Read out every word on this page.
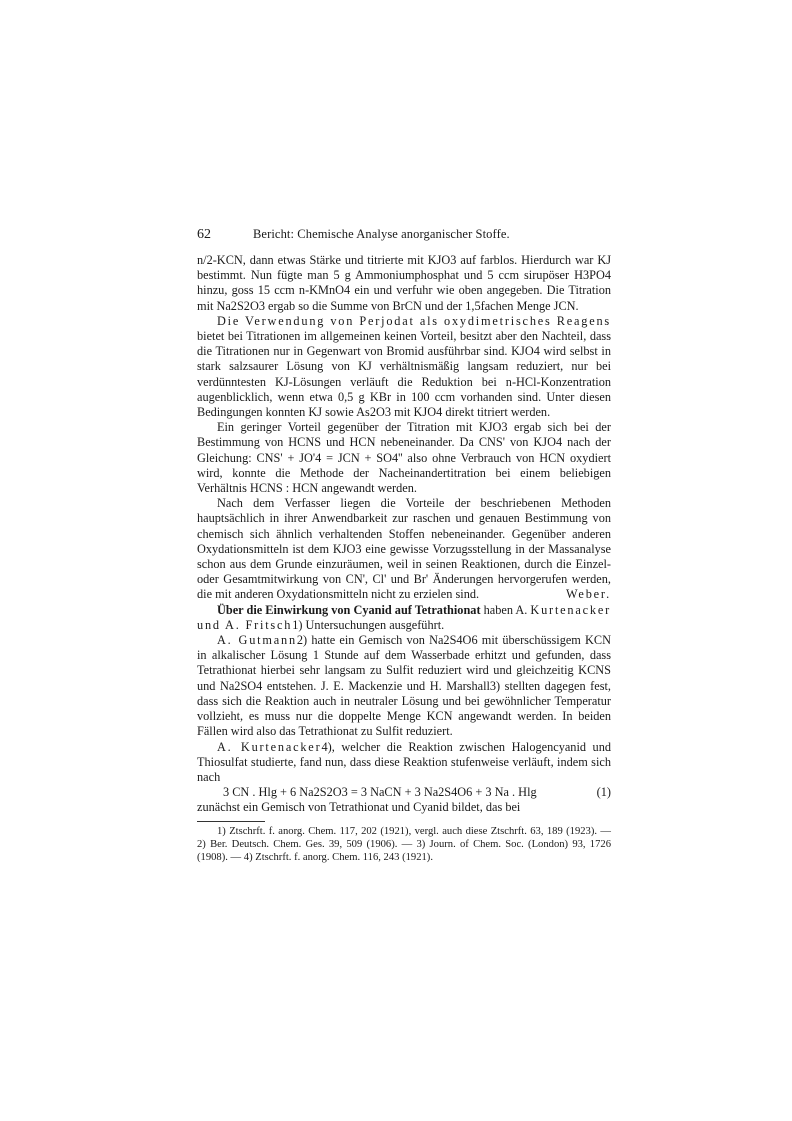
62	Bericht: Chemische Analyse anorganischer Stoffe.

n/2-KCN, dann etwas Stärke und titrierte mit KJO3 auf farblos. Hierdurch war KJ bestimmt. Nun fügte man 5 g Ammoniumphosphat und 5 ccm sirupöser H3PO4 hinzu, goss 15 ccm n-KMnO4 ein und verfuhr wie oben angegeben. Die Titration mit Na2S2O3 ergab so die Summe von BrCN und der 1,5fachen Menge JCN.

Die Verwendung von Perjodat als oxydimetrisches Reagens bietet bei Titrationen im allgemeinen keinen Vorteil, besitzt aber den Nachteil, dass die Titrationen nur in Gegenwart von Bromid ausführbar sind. KJO4 wird selbst in stark salzsaurer Lösung von KJ verhältnismäßig langsam reduziert, nur bei verdünntesten KJ-Lösungen verläuft die Reduktion bei n-HCl-Konzentration augenblicklich, wenn etwa 0,5 g KBr in 100 ccm vorhanden sind. Unter diesen Bedingungen konnten KJ sowie As2O3 mit KJO4 direkt titriert werden.

Ein geringer Vorteil gegenüber der Titration mit KJO3 ergab sich bei der Bestimmung von HCNS und HCN nebeneinander. Da CNS' von KJO4 nach der Gleichung: CNS' + JO'4 = JCN + SO4'' also ohne Verbrauch von HCN oxydiert wird, konnte die Methode der Nacheinandertitration bei einem beliebigen Verhältnis HCNS : HCN angewandt werden.

Nach dem Verfasser liegen die Vorteile der beschriebenen Methoden hauptsächlich in ihrer Anwendbarkeit zur raschen und genauen Bestimmung von chemisch sich ähnlich verhaltenden Stoffen nebeneinander. Gegenüber anderen Oxydationsmitteln ist dem KJO3 eine gewisse Vorzugsstellung in der Massanalyse schon aus dem Grunde einzuräumen, weil in seinen Reaktionen, durch die Einzel- oder Gesamtmitwirkung von CN', Cl' und Br' Änderungen hervorgerufen werden, die mit anderen Oxydationsmitteln nicht zu erzielen sind.	Weber.

Über die Einwirkung von Cyanid auf Tetrathionat haben A. Kurtenacker und A. Fritsch1) Untersuchungen ausgeführt.

A. Gutmann2) hatte ein Gemisch von Na2S4O6 mit überschüssigem KCN in alkalischer Lösung 1 Stunde auf dem Wasserbade erhitzt und gefunden, dass Tetrathionat hierbei sehr langsam zu Sulfit reduziert wird und gleichzeitig KCNS und Na2SO4 entstehen. J. E. Mackenzie und H. Marshall3) stellten dagegen fest, dass sich die Reaktion auch in neutraler Lösung und bei gewöhnlicher Temperatur vollzieht, es muss nur die doppelte Menge KCN angewandt werden. In beiden Fällen wird also das Tetrathionat zu Sulfit reduziert.

A. Kurtenacker4), welcher die Reaktion zwischen Halogencyanid und Thiosulfat studierte, fand nun, dass diese Reaktion stufenweise verläuft, indem sich nach

3 CN . Hlg + 6 Na2S2O3 = 3 NaCN + 3 Na2S4O6 + 3 Na . Hlg	(1)

zunächst ein Gemisch von Tetrathionat und Cyanid bildet, das bei

1) Ztschrft. f. anorg. Chem. 117, 202 (1921), vergl. auch diese Ztschrft. 63, 189 (1923). — 2) Ber. Deutsch. Chem. Ges. 39, 509 (1906). — 3) Journ. of Chem. Soc. (London) 93, 1726 (1908). — 4) Ztschrft. f. anorg. Chem. 116, 243 (1921).
